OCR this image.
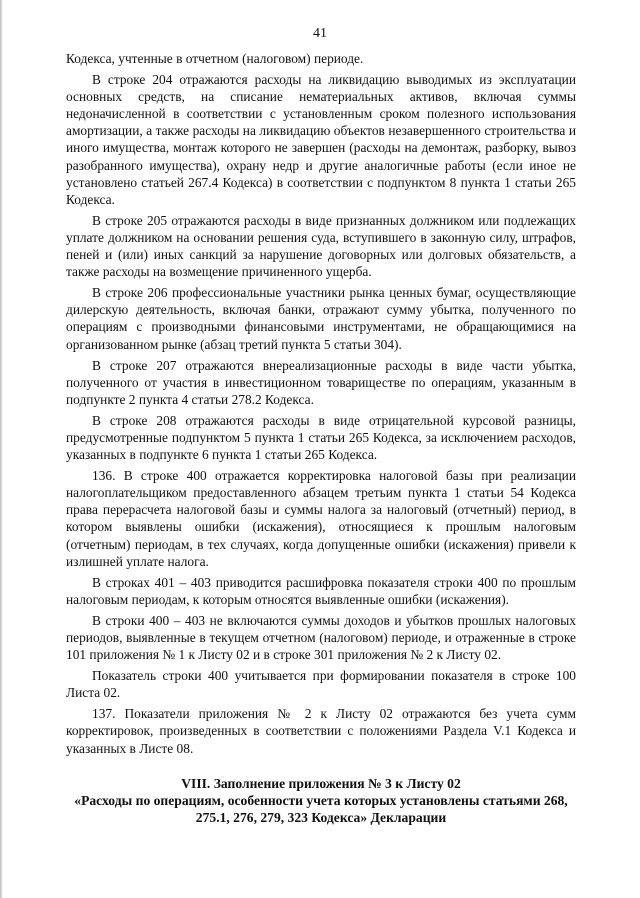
41

Кодекса, учтенные в отчетном (налоговом) периоде.

В строке 204 отражаются расходы на ликвидацию выводимых из эксплуатации основных средств, на списание нематериальных активов, включая суммы недоначисленной в соответствии с установленным сроком полезного использования амортизации, а также расходы на ликвидацию объектов незавершенного строительства и иного имущества, монтаж которого не завершен (расходы на демонтаж, разборку, вывоз разобранного имущества), охрану недр и другие аналогичные работы (если иное не установлено статьей 267.4 Кодекса) в соответствии с подпунктом 8 пункта 1 статьи 265 Кодекса.

В строке 205 отражаются расходы в виде признанных должником или подлежащих уплате должником на основании решения суда, вступившего в законную силу, штрафов, пеней и (или) иных санкций за нарушение договорных или долговых обязательств, а также расходы на возмещение причиненного ущерба.

В строке 206 профессиональные участники рынка ценных бумаг, осуществляющие дилерскую деятельность, включая банки, отражают сумму убытка, полученного по операциям с производными финансовыми инструментами, не обращающимися на организованном рынке (абзац третий пункта 5 статьи 304).

В строке 207 отражаются внереализационные расходы в виде части убытка, полученного от участия в инвестиционном товариществе по операциям, указанным в подпункте 2 пункта 4 статьи 278.2 Кодекса.

В строке 208 отражаются расходы в виде отрицательной курсовой разницы, предусмотренные подпунктом 5 пункта 1 статьи 265 Кодекса, за исключением расходов, указанных в подпункте 6 пункта 1 статьи 265 Кодекса.

136. В строке 400 отражается корректировка налоговой базы при реализации налогоплательщиком предоставленного абзацем третьим пункта 1 статьи 54 Кодекса права перерасчета налоговой базы и суммы налога за налоговый (отчетный) период, в котором выявлены ошибки (искажения), относящиеся к прошлым налоговым (отчетным) периодам, в тех случаях, когда допущенные ошибки (искажения) привели к излишней уплате налога.

В строках 401 – 403 приводится расшифровка показателя строки 400 по прошлым налоговым периодам, к которым относятся выявленные ошибки (искажения).

В строки 400 – 403 не включаются суммы доходов и убытков прошлых налоговых периодов, выявленные в текущем отчетном (налоговом) периоде, и отраженные в строке 101 приложения № 1 к Листу 02 и в строке 301 приложения № 2 к Листу 02.

Показатель строки 400 учитывается при формировании показателя в строке 100 Листа 02.

137. Показатели приложения № 2 к Листу 02 отражаются без учета сумм корректировок, произведенных в соответствии с положениями Раздела V.1 Кодекса и указанных в Листе 08.

VIII. Заполнение приложения № 3 к Листу 02
«Расходы по операциям, особенности учета которых установлены статьями 268, 275.1, 276, 279, 323 Кодекса» Декларации
